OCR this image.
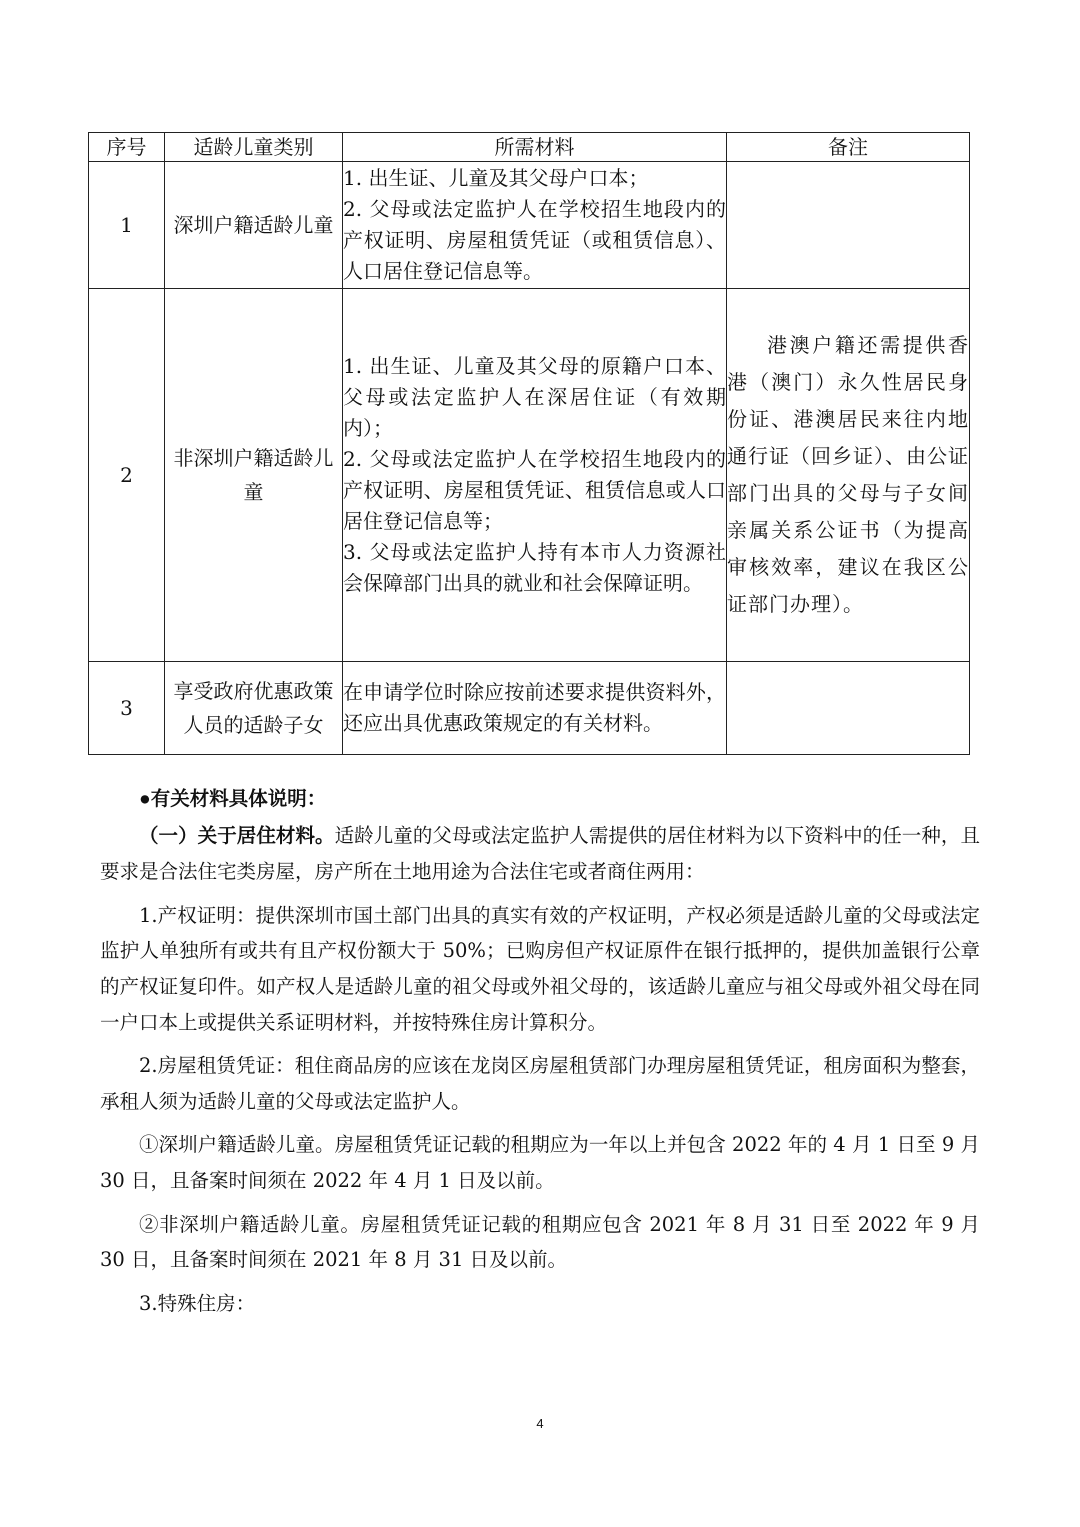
序号	适龄儿童类别	所需材料	备注
1	深圳户籍适龄儿童	1. 出生证、儿童及其父母户口本；
2. 父母或法定监护人在学校招生地段内的产权证明、房屋租赁凭证（或租赁信息）、人口居住登记信息等。	

2	非深圳户籍适龄儿童	1. 出生证、儿童及其父母的原籍户口本、父母或法定监护人在深居住证（有效期内）；
2. 父母或法定监护人在学校招生地段内的产权证明、房屋租赁凭证、租赁信息或人口居住登记信息等；
3. 父母或法定监护人持有本市人力资源社会保障部门出具的就业和社会保障证明。	港澳户籍还需提供香港（澳门）永久性居民身份证、港澳居民来往内地通行证（回乡证）、由公证部门出具的父母与子女间亲属关系公证书（为提高审核效率，建议在我区公证部门办理）。

3	享受政府优惠政策人员的适龄子女	在申请学位时除应按前述要求提供资料外，还应出具优惠政策规定的有关材料。	

●有关材料具体说明：

（一）关于居住材料。适龄儿童的父母或法定监护人需提供的居住材料为以下资料中的任一种，且要求是合法住宅类房屋，房产所在土地用途为合法住宅或者商住两用：

1.产权证明：提供深圳市国土部门出具的真实有效的产权证明，产权必须是适龄儿童的父母或法定监护人单独所有或共有且产权份额大于 50%；已购房但产权证原件在银行抵押的，提供加盖银行公章的产权证复印件。如产权人是适龄儿童的祖父母或外祖父母的，该适龄儿童应与祖父母或外祖父母在同一户口本上或提供关系证明材料，并按特殊住房计算积分。

2.房屋租赁凭证：租住商品房的应该在龙岗区房屋租赁部门办理房屋租赁凭证，租房面积为整套，承租人须为适龄儿童的父母或法定监护人。

①深圳户籍适龄儿童。房屋租赁凭证记载的租期应为一年以上并包含 2022 年的 4 月 1 日至 9 月 30 日，且备案时间须在 2022 年 4 月 1 日及以前。

②非深圳户籍适龄儿童。房屋租赁凭证记载的租期应包含 2021 年 8 月 31 日至 2022 年 9 月 30 日，且备案时间须在 2021 年 8 月 31 日及以前。

3.特殊住房：

4
